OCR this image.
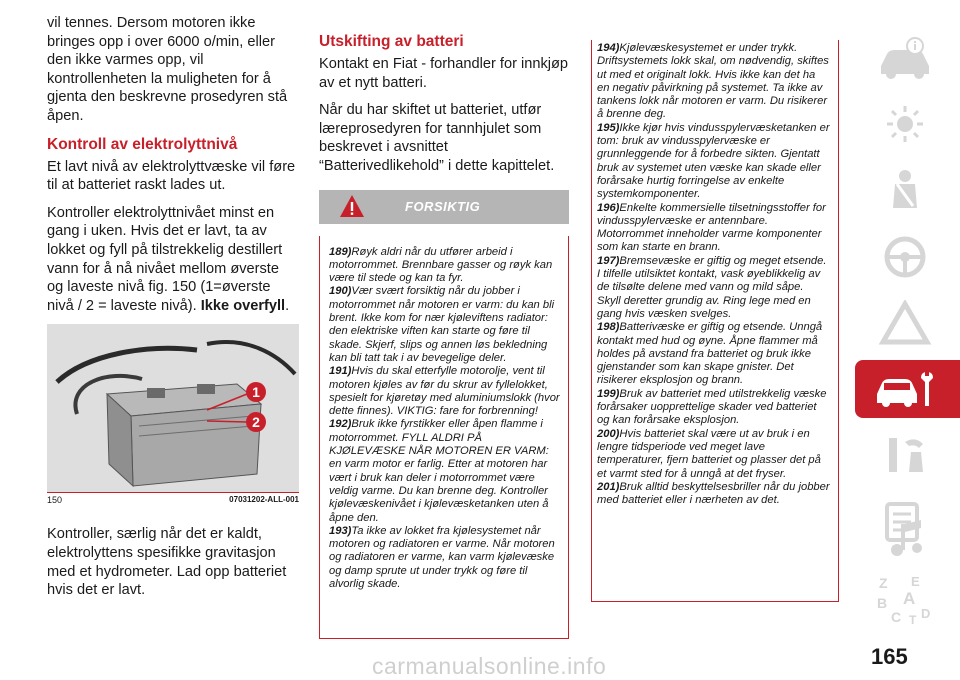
vil tennes. Dersom motoren ikke bringes opp i over 6000 o/min, eller den ikke varmes opp, vil kontrollenheten la muligheten for å gjenta den beskrevne prosedyren stå åpen.

Kontroll av elektrolyttnivå

Et lavt nivå av elektrolyttvæske vil føre til at batteriet raskt lades ut.

Kontroller elektrolyttnivået minst en gang i uken. Hvis det er lavt, ta av lokket og fyll på tilstrekkelig destillert vann for å nå nivået mellom øverste og laveste nivå fig. 150 (1=øverste nivå / 2 = laveste nivå). Ikke overfyll.

1
2
150	07031202-ALL-001

Kontroller, særlig når det er kaldt, elektrolyttens spesifikke gravitasjon med et hydrometer. Lad opp batteriet hvis det er lavt.

Utskifting av batteri

Kontakt en Fiat - forhandler for innkjøp av et nytt batteri.

Når du har skiftet ut batteriet, utfør læreprosedyren for tannhjulet som beskrevet i avsnittet “Batterivedlikehold” i dette kapittelet.

FORSIKTIG

189)Røyk aldri når du utfører arbeid i motorrommet. Brennbare gasser og røyk kan være til stede og kan ta fyr.

190)Vær svært forsiktig når du jobber i motorrommet når motoren er varm: du kan bli brent. Ikke kom for nær kjøleviftens radiator: den elektriske viften kan starte og føre til skade. Skjerf, slips og annen løs bekledning kan bli tatt tak i av bevegelige deler.

191)Hvis du skal etterfylle motorolje, vent til motoren kjøles av før du skrur av fyllelokket, spesielt for kjøretøy med aluminiumslokk (hvor dette finnes). VIKTIG: fare for forbrenning!

192)Bruk ikke fyrstikker eller åpen flamme i motorrommet. FYLL ALDRI PÅ KJØLEVÆSKE NÅR MOTOREN ER VARM: en varm motor er farlig. Etter at motoren har vært i bruk kan deler i motorrommet være veldig varme. Du kan brenne deg. Kontroller kjølevæskenivået i kjølevæsketanken uten å åpne den.

193)Ta ikke av lokket fra kjølesystemet når motoren og radiatoren er varme. Når motoren og radiatoren er varme, kan varm kjølevæske og damp sprute ut under trykk og føre til alvorlig skade.

194)Kjølevæskesystemet er under trykk. Driftsystemets lokk skal, om nødvendig, skiftes ut med et originalt lokk. Hvis ikke kan det ha en negativ påvirkning på systemet. Ta ikke av tankens lokk når motoren er varm. Du risikerer å brenne deg.

195)Ikke kjør hvis vindusspylervæsketanken er tom: bruk av vindusspylervæske er grunnleggende for å forbedre sikten. Gjentatt bruk av systemet uten væske kan skade eller forårsake hurtig forringelse av enkelte systemkomponenter.

196)Enkelte kommersielle tilsetningsstoffer for vindusspylervæske er antennbare. Motorrommet inneholder varme komponenter som kan starte en brann.

197)Bremsevæske er giftig og meget etsende. I tilfelle utilsiktet kontakt, vask øyeblikkelig av de tilsølte delene med vann og mild såpe. Skyll deretter grundig av. Ring lege med en gang hvis væsken svelges.

198)Batterivæske er giftig og etsende. Unngå kontakt med hud og øyne. Åpne flammer må holdes på avstand fra batteriet og bruk ikke gjenstander som kan skape gnister. Det risikerer eksplosjon og brann.

199)Bruk av batteriet med utilstrekkelig væske forårsaker uopprettelige skader ved batteriet og kan forårsake eksplosjon.

200)Hvis batteriet skal være ut av bruk i en lengre tidsperiode ved meget lave temperaturer, fjern batteriet og plasser det på et varmt sted for å unngå at det fryser.

201)Bruk alltid beskyttelsesbriller når du jobber med batteriet eller i nærheten av det.

Z E
B A
C T D
165
carmanualsonline.info
